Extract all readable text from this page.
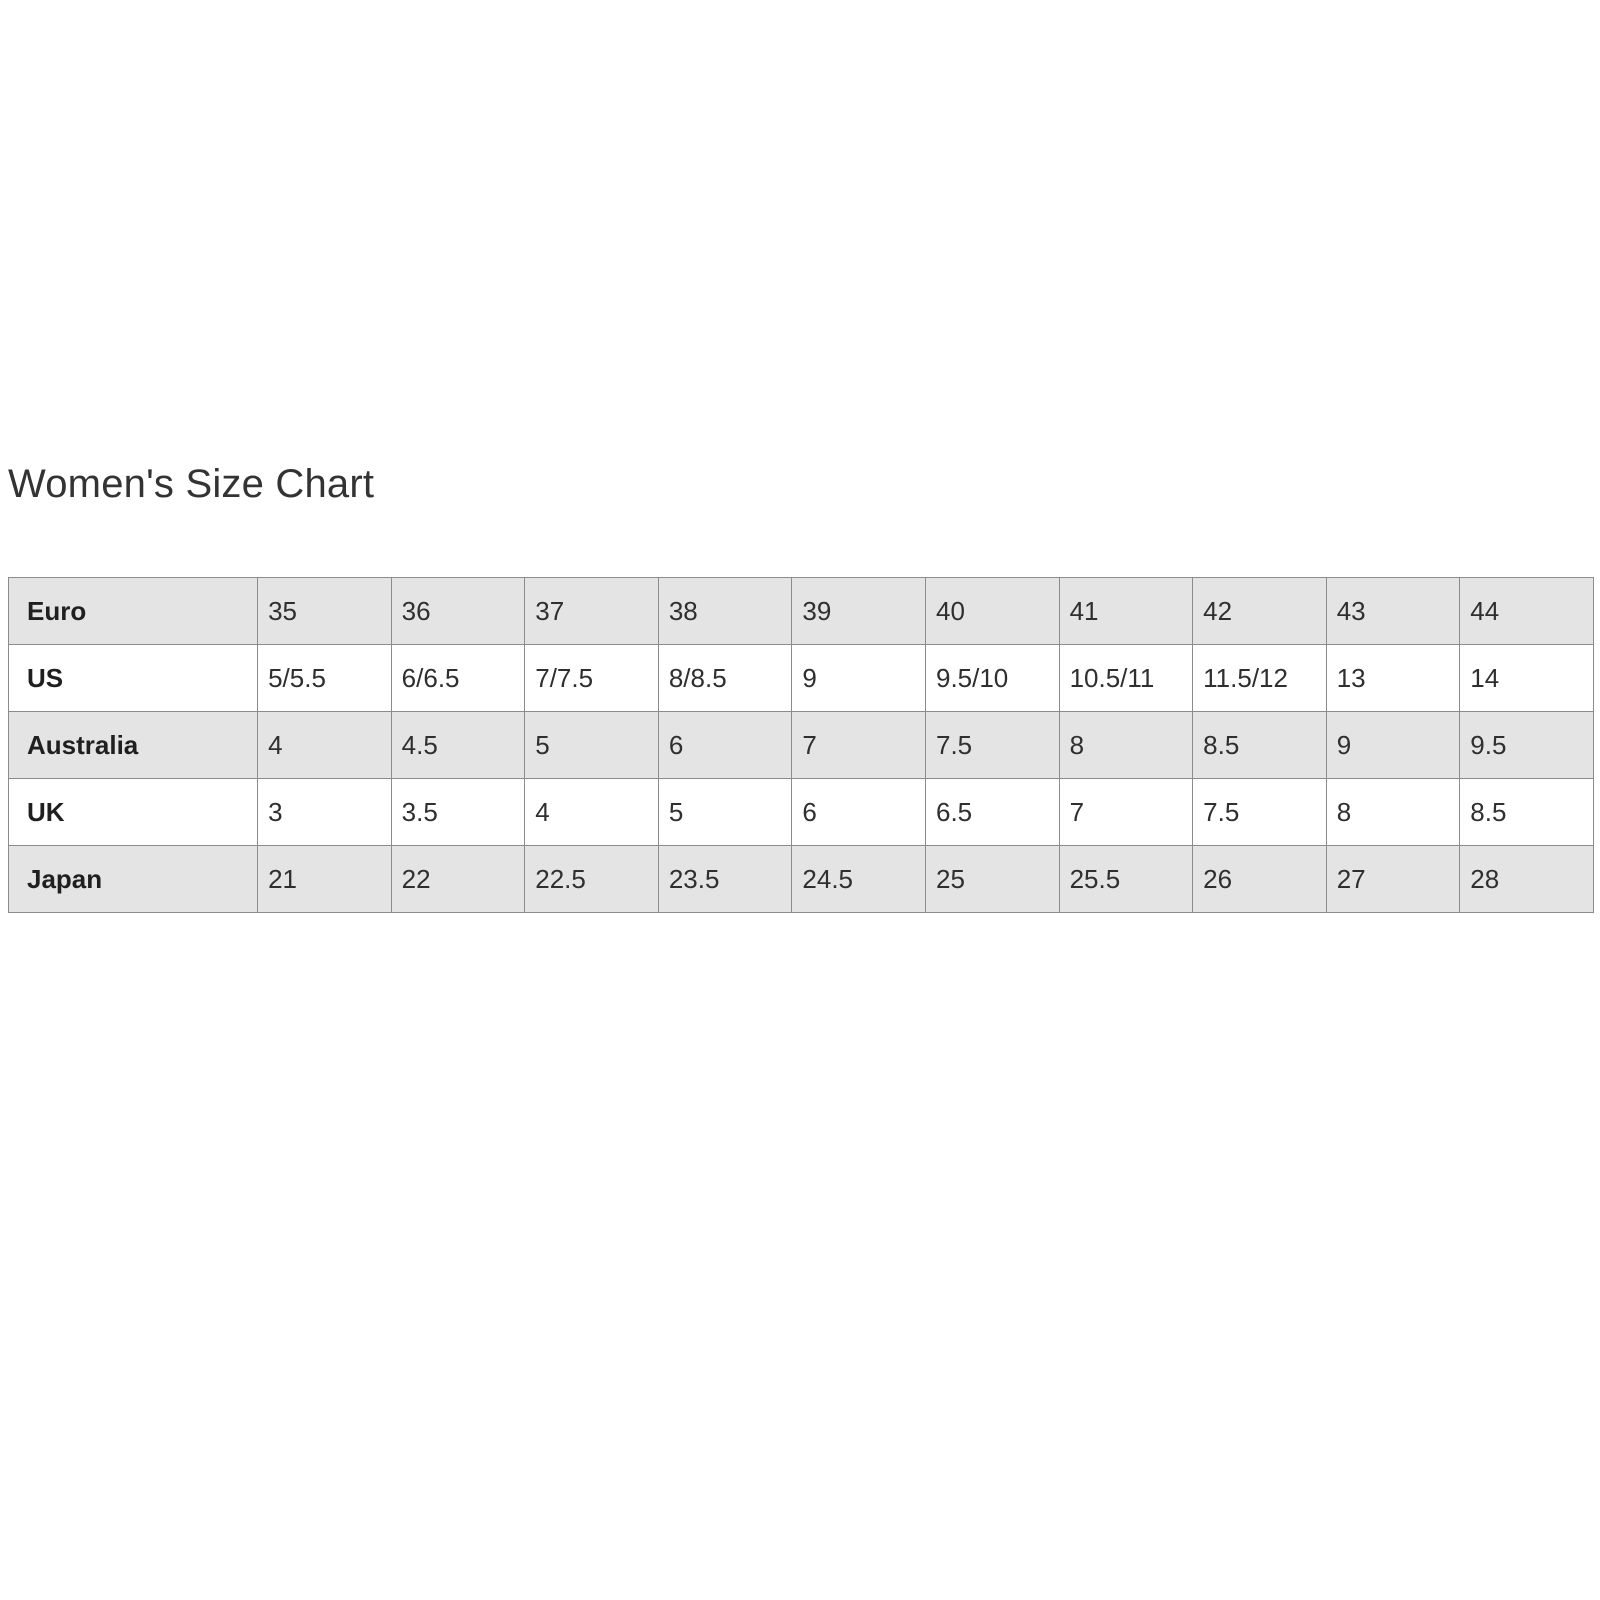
Women's Size Chart
Euro	35	36	37	38	39	40	41	42	43	44
US	5/5.5	6/6.5	7/7.5	8/8.5	9	9.5/10	10.5/11	11.5/12	13	14
Australia	4	4.5	5	6	7	7.5	8	8.5	9	9.5
UK	3	3.5	4	5	6	6.5	7	7.5	8	8.5
Japan	21	22	22.5	23.5	24.5	25	25.5	26	27	28
